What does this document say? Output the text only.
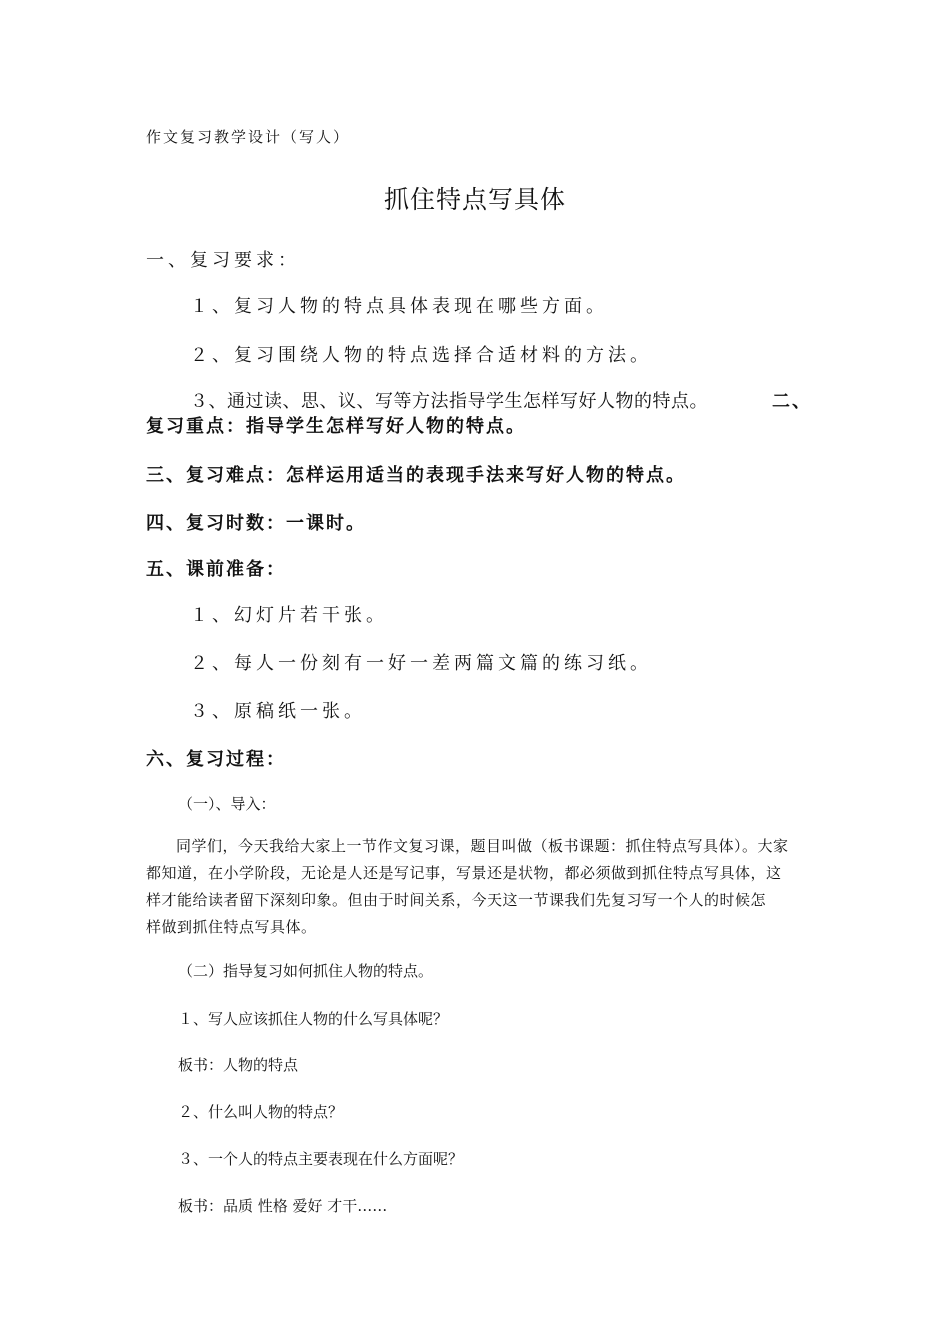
作文复习教学设计（写人）
抓住特点写具体
一、复习要求：
１、复习人物的特点具体表现在哪些方面。
２、复习围绕人物的特点选择合适材料的方法。
３、通过读、思、议、写等方法指导学生怎样写好人物的特点。	二、
复习重点：指导学生怎样写好人物的特点。
三、复习难点：怎样运用适当的表现手法来写好人物的特点。
四、复习时数：一课时。
五、课前准备：
１、幻灯片若干张。
２、每人一份刻有一好一差两篇文篇的练习纸。
３、原稿纸一张。
六、复习过程：
（一）、导入：
同学们，今天我给大家上一节作文复习课，题目叫做（板书课题：抓住特点写具体）。大家
都知道，在小学阶段，无论是人还是写记事，写景还是状物，都必须做到抓住特点写具体，这
样才能给读者留下深刻印象。但由于时间关系，今天这一节课我们先复习写一个人的时候怎
样做到抓住特点写具体。
（二）指导复习如何抓住人物的特点。
１、写人应该抓住人物的什么写具体呢？
板书：人物的特点
２、什么叫人物的特点？
３、一个人的特点主要表现在什么方面呢？
板书：品质 性格 爱好 才干……
